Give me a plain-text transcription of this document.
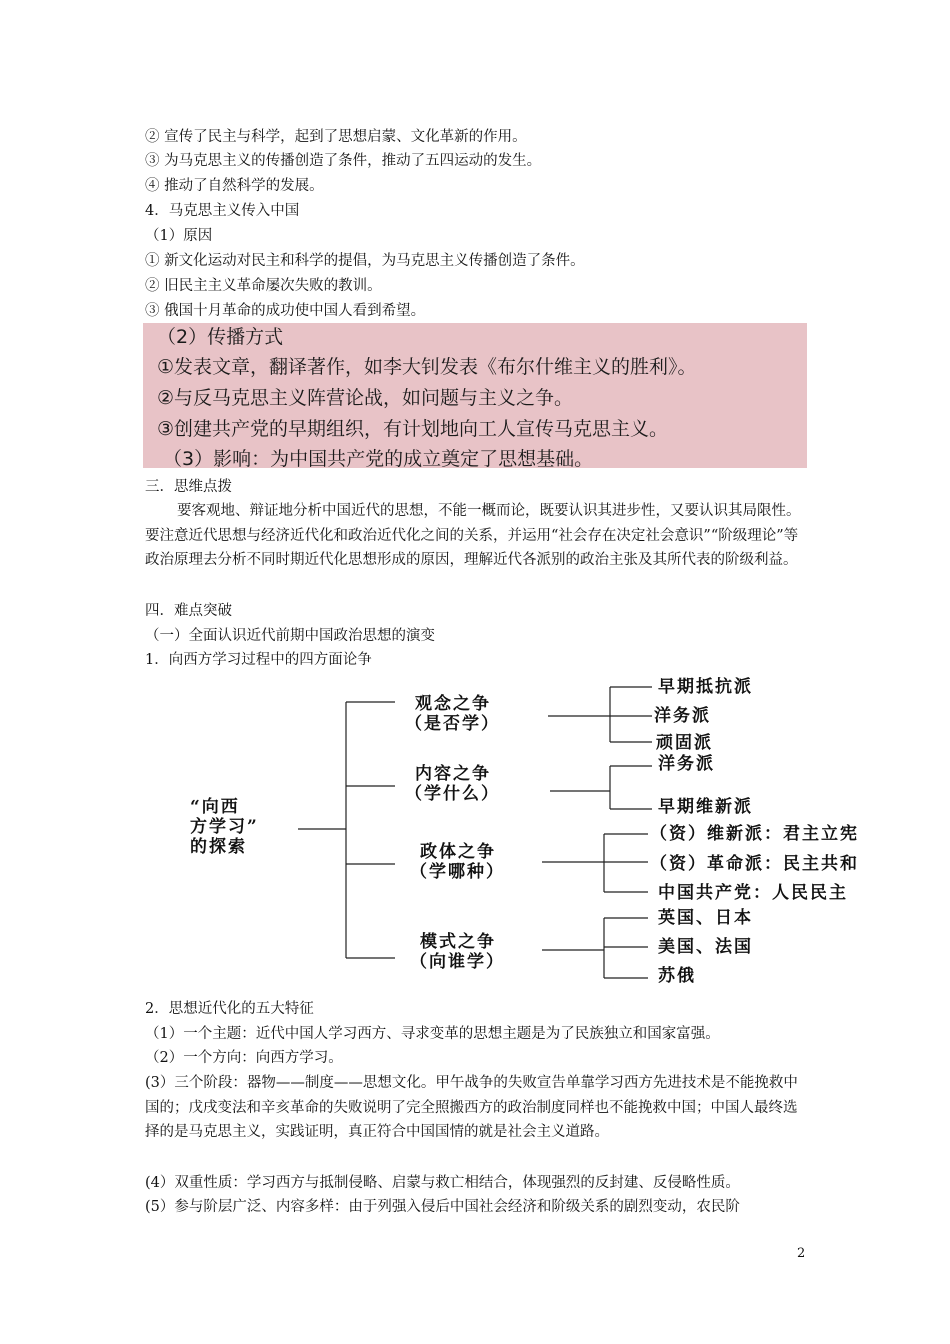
② 宣传了民主与科学，起到了思想启蒙、文化革新的作用。
③ 为马克思主义的传播创造了条件，推动了五四运动的发生。
④ 推动了自然科学的发展。
4．马克思主义传入中国
（1）原因
① 新文化运动对民主和科学的提倡，为马克思主义传播创造了条件。
② 旧民主主义革命屡次失败的教训。
③ 俄国十月革命的成功使中国人看到希望。
（2）传播方式
①发表文章，翻译著作，如李大钊发表《布尔什维主义的胜利》。
②与反马克思主义阵营论战，如问题与主义之争。
③创建共产党的早期组织，有计划地向工人宣传马克思主义。
（3）影响：为中国共产党的成立奠定了思想基础。
三．思维点拨
要客观地、辩证地分析中国近代的思想，不能一概而论，既要认识其进步性，又要认识其局限性。要注意近代思想与经济近代化和政治近代化之间的关系，并运用“社会存在决定社会意识”“阶级理论”等政治原理去分析不同时期近代化思想形成的原因，理解近代各派别的政治主张及其所代表的阶级利益。
四．难点突破
（一）全面认识近代前期中国政治思想的演变
1．向西方学习过程中的四方面论争
“向西
方学习”
的探索
观念之争
（是否学）
内容之争
（学什么）
政体之争
（学哪种）
模式之争
（向谁学）
早期抵抗派
洋务派
顽固派
洋务派
早期维新派
（资）维新派：君主立宪
（资）革命派：民主共和
中国共产党：人民民主
英国、日本
美国、法国
苏俄
2．思想近代化的五大特征
（1）一个主题：近代中国人学习西方、寻求变革的思想主题是为了民族独立和国家富强。
（2）一个方向：向西方学习。
(3）三个阶段：器物——制度——思想文化。甲午战争的失败宣告单靠学习西方先进技术是不能挽救中国的；戊戌变法和辛亥革命的失败说明了完全照搬西方的政治制度同样也不能挽救中国；中国人最终选择的是马克思主义，实践证明，真正符合中国国情的就是社会主义道路。
(4）双重性质：学习西方与抵制侵略、启蒙与救亡相结合，体现强烈的反封建、反侵略性质。
(5）参与阶层广泛、内容多样：由于列强入侵后中国社会经济和阶级关系的剧烈变动，农民阶
2
